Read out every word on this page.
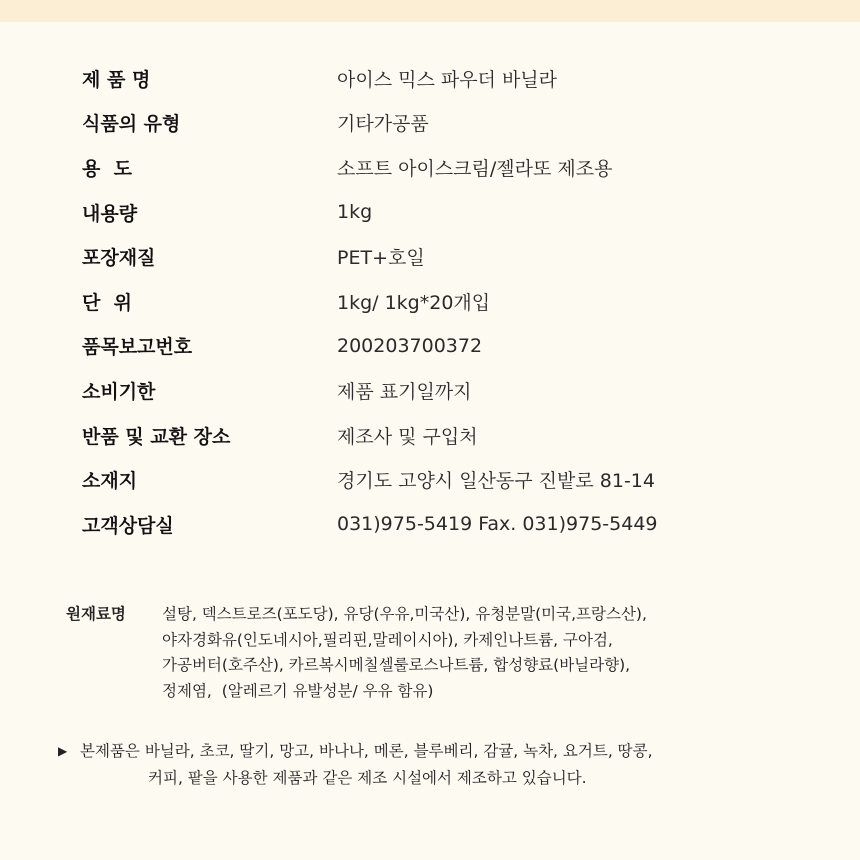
제 품 명	아이스 믹스 파우더 바닐라
식품의 유형	기타가공품
용  도	소프트 아이스크림/젤라또 제조용
내용량	1kg
포장재질	PET+호일
단  위	1kg/ 1kg*20개입
품목보고번호	200203700372
소비기한	제품 표기일까지
반품 및 교환 장소	제조사 및 구입처
소재지	경기도 고양시 일산동구 진밭로 81-14
고객상담실	031)975-5419 Fax. 031)975-5449
원재료명	설탕, 덱스트로즈(포도당), 유당(우유,미국산), 유청분말(미국,프랑스산),
야자경화유(인도네시아,필리핀,말레이시아), 카제인나트륨, 구아검,
가공버터(호주산), 카르복시메칠셀룰로스나트륨, 합성향료(바닐라향),
정제염,  (알레르기 유발성분/ 우유 함유)
▶ 본제품은 바닐라, 초코, 딸기, 망고, 바나나, 메론, 블루베리, 감귤, 녹차, 요거트, 땅콩,
커피, 팥을 사용한 제품과 같은 제조 시설에서 제조하고 있습니다.
